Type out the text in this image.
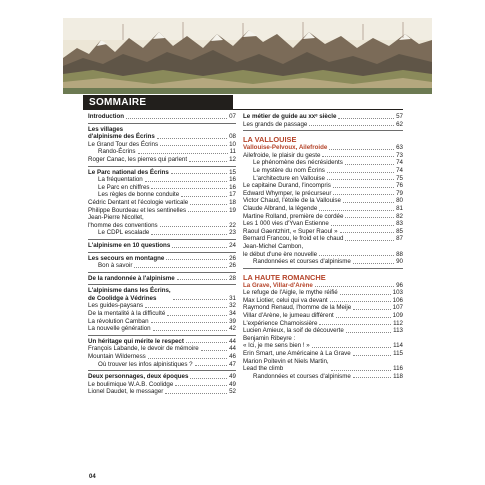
SOMMAIRE
Introduction	07
Les villages
d'alpinisme des Écrins	08
Le Grand Tour des Écrins	10
Rando-Écrins	11
Roger Canac, les pierres qui parlent	12
Le Parc national des Écrins	15
La fréquentation	16
Le Parc en chiffres	16
Les règles de bonne conduite	17
Cédric Dentant et l'écologie verticale	18
Philippe Bourdeau et les sentinelles	19
Jean-Pierre Nicollet,
l'homme des conventions	22
Le CDPL escalade	23
L'alpinisme en 10 questions	24
Les secours en montagne	26
Bon à savoir	26
De la randonnée à l'alpinisme	28
L'alpinisme dans les Écrins,
de Coolidge à Védrines	31
Les guides-paysans	32
De la mentalité à la difficulté	34
La révolution Camban	39
La nouvelle génération	42
Un héritage qui mérite le respect	44
François Labande, le devoir de mémoire	44
Mountain Wilderness	46
Où trouver les infos alpinistiques ?	47
Deux personnages, deux époques	49
Le boulimique W.A.B. Coolidge	49
Lionel Daudet, le messager	52
Le métier de guide au xxᵉ siècle	57
Les grands de passage	62
LA VALLOUISE
Vallouise-Pelvoux, Ailefroide	63
Ailefroide, le plaisir du geste	73
Le phénomène des nécrésidents	74
Le mystère du nom Écrins	74
L'architecture en Vallouise	75
Le capitaine Durand, l'incompris	76
Edward Whymper, le précurseur	79
Victor Chaud, l'étoile de la Vallouise	80
Claude Albrand, la légende	81
Martine Rolland, première de cordée	82
Les 1 000 vies d'Yvan Estienne	83
Raoul Gaentzhirt, « Super Raoul »	85
Bernard Francou, le froid et le chaud	87
Jean-Michel Cambon,
le début d'une ère nouvelle	88
Randonnées et courses d'alpinisme	90
LA HAUTE ROMANCHE
La Grave, Villar-d'Arène	96
Le refuge de l'Aigle, le mythe réifié	103
Max Liotier, celui qui va devant	106
Raymond Renaud, l'homme de la Meije	107
Villar d'Arène, le jumeau différent	109
L'expérience Chamoissière	112
Lucien Amieux, la soif de découverte	113
Benjamin Ribeyre :
« Ici, je me sens bien ! »	114
Erin Smart, une Américaine à La Grave	115
Marion Poitevin et Niels Martin,
Lead the climb	116
Randonnées et courses d'alpinisme	118
04
